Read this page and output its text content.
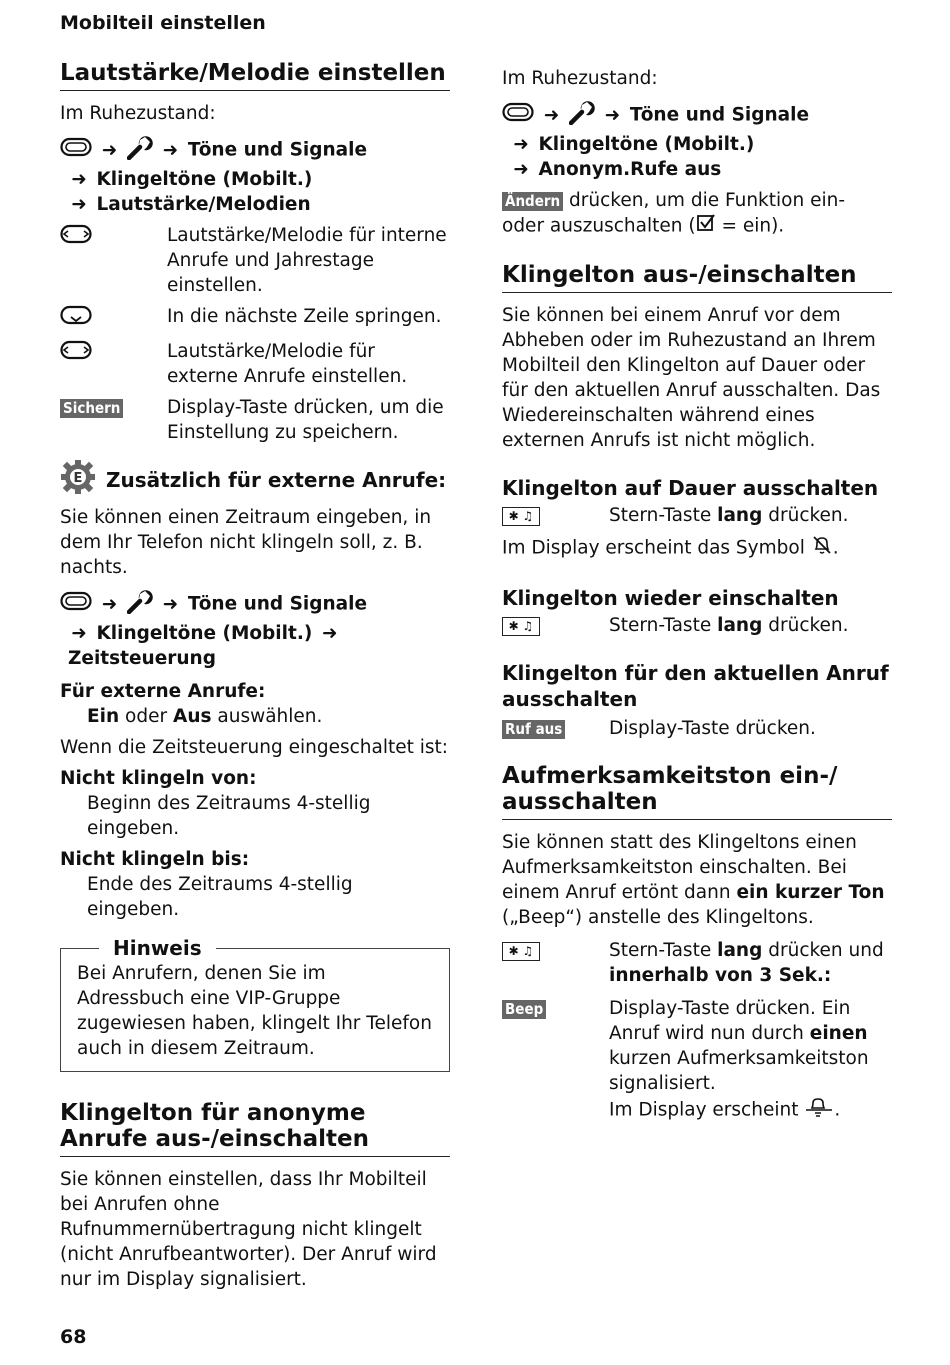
Mobilteil einstellen
Lautstärke/Melodie einstellen

Im Ruhezustand:

➜ ➜ Töne und Signale
➜ Klingeltöne (Mobilt.)
➜ Lautstärke/Melodien
Lautstärke/Melodie für interne Anrufe und Jahrestage einstellen.
In die nächste Zeile springen.
Lautstärke/Melodie für externe Anrufe einstellen.
Sichern	Display-Taste drücken, um die Einstellung zu speichern.
E Zusätzlich für externe Anrufe:

Sie können einen Zeitraum eingeben, in dem Ihr Telefon nicht klingeln soll, z. B. nachts.

➜ ➜ Töne und Signale
➜ Klingeltöne (Mobilt.) ➜ Zeitsteuerung

Für externe Anrufe:

Ein oder Aus auswählen.

Wenn die Zeitsteuerung eingeschaltet ist:

Nicht klingeln von:

Beginn des Zeitraums 4-stellig eingeben.

Nicht klingeln bis:

Ende des Zeitraums 4-stellig eingeben.

Hinweis

Bei Anrufern, denen Sie im Adressbuch eine VIP-Gruppe zugewiesen haben, klingelt Ihr Telefon auch in diesem Zeitraum.

Klingelton für anonyme Anrufe aus-/einschalten

Sie können einstellen, dass Ihr Mobilteil bei Anrufen ohne Rufnummernübertragung nicht klingelt (nicht Anrufbeantworter). Der Anruf wird nur im Display signalisiert.

Im Ruhezustand:

➜ ➜ Töne und Signale
➜ Klingeltöne (Mobilt.)
➜ Anonym.Rufe aus

Ändern drücken, um die Funktion ein- oder auszuschalten ( = ein).

Klingelton aus-/einschalten

Sie können bei einem Anruf vor dem Abheben oder im Ruhezustand an Ihrem Mobilteil den Klingelton auf Dauer oder für den aktuellen Anruf ausschalten. Das Wiedereinschalten während eines externen Anrufs ist nicht möglich.

Klingelton auf Dauer ausschalten
✱ ♫	Stern-Taste lang drücken.

Im Display erscheint das Symbol .

Klingelton wieder einschalten
✱ ♫	Stern-Taste lang drücken.
Klingelton für den aktuellen Anruf ausschalten
Ruf aus	Display-Taste drücken.
Aufmerksamkeitston ein-/ ausschalten

Sie können statt des Klingeltons einen Aufmerksamkeitston einschalten. Bei einem Anruf ertönt dann ein kurzer Ton („Beep“) anstelle des Klingeltons.

✱ ♫	Stern-Taste lang drücken und innerhalb von 3 Sek.:
Beep	Display-Taste drücken. Ein Anruf wird nun durch einen kurzen Aufmerksamkeitston signalisiert.
Im Display erscheint .
68
